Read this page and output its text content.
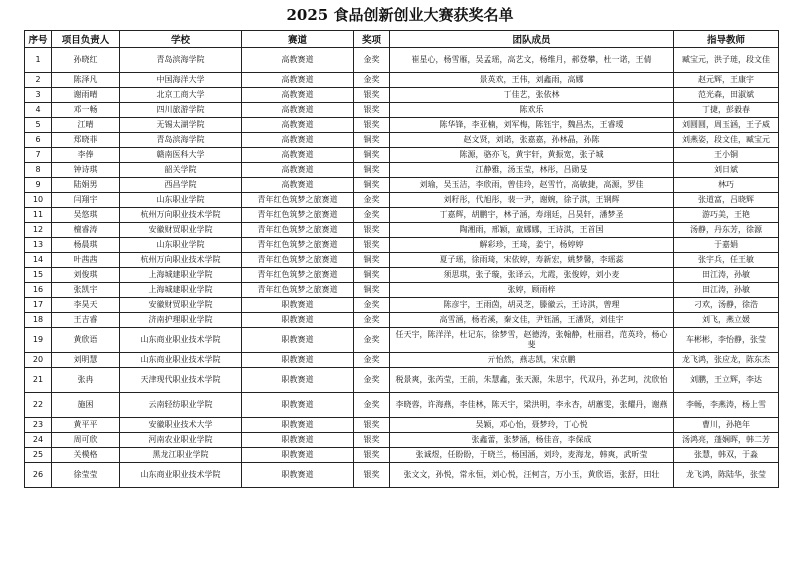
2025 食品创新创业大赛获奖名单
序号	项目负责人	学校	赛道	奖项	团队成员	指导教师
1	孙晓红	青岛滨海学院	高教赛道	金奖	崔星心，杨雪雁，吴孟瑶，高艺文，杨维月，郝登攀，杜一诺，王倩	臧宝元，洪子琏，段文佳
2	陈泽凡	中国海洋大学	高教赛道	金奖	景英欢，王伟，刘鑫雨，高娜	赵元辉，王康宇
3	谢雨晴	北京工商大学	高教赛道	银奖	丁佳艺，张依林	范光森，田淑斌
4	邓一畅	四川旅游学院	高教赛道	银奖	陈欢乐	丁捷，彭毅春
5	江晴	无锡太湖学院	高教赛道	银奖	陈华锋，李亚楠，刘军梅，陈钰宇，魏昌杰，王睿瑷	刘圆圆，周玉涵，王子威
6	郑晓菲	青岛滨海学院	高教赛道	铜奖	赵文贤，刘诺，张嘉嘉，孙林晶，孙陈	刘燕姿，段文佳，臧宝元
7	李俸	赣南医科大学	高教赛道	铜奖	陈源，骆亦飞，黄宇轩，黄振宽，张子城	王小铜
8	钟诗琪	韶关学院	高教赛道	铜奖	江静雅，汤玉莹，林彤，吕勋旻	刘日斌
9	陆娟男	西昌学院	高教赛道	铜奖	刘瑜，吴玉洁，李欣雨，曾佳玲，赵雪竹，高敏捷，高源，罗佳	林巧
10	闫翔宇	山东职业学院	青年红色筑梦之旅赛道	金奖	刘籽彤，代旭彤，裴一尹，谢婉，徐子淇，王钢辉	张道富，吕晓辉
11	吴悠琪	杭州万向职业技术学院	青年红色筑梦之旅赛道	金奖	丁嘉辉，胡鹏宇，林子涵，寿翊廷，吕昊轩，潘梦圣	游巧美，王艳
12	檀睿涛	安徽财贸职业学院	青年红色筑梦之旅赛道	银奖	陶湘雨，邢颖，童娜娜，王诗淇，王首国	汤静，丹东芳，徐源
13	杨晨琪	山东职业学院	青年红色筑梦之旅赛道	银奖	解彩珍，王琦，姜宁，杨婷婷	于嘉娟
14	叶茜茜	杭州万向职业技术学院	青年红色筑梦之旅赛道	铜奖	夏子瑶，徐雨琦，宋依婷，寿新宏，姚梦馨，李瑶蕊	张宇兵，任王敏
15	刘俊琪	上海城建职业学院	青年红色筑梦之旅赛道	铜奖	须思琪，张子璇，张译云，尤霞，张俊婷，刘小麦	田江涛，孙敏
16	张凯宇	上海城建职业学院	青年红色筑梦之旅赛道	铜奖	张婷，顾雨梓	田江涛，孙敏
17	李昊天	安徽财贸职业学院	职教赛道	金奖	陈彦宇，王雨茵，胡灵芝，滕徽云，王诗淇，曾理	刁欢，汤静，徐浩
18	王吉睿	济南护理职业学院	职教赛道	金奖	高雪涵，杨若溪，秦文佳，尹钰涵，王潘贤，刘佳宇	刘飞，燕立媛
19	黄欣语	山东商业职业技术学院	职教赛道	金奖	任天宇，陈洋洋，杜记东，徐梦雪，赵德涛，张翰静，杜丽君，范英玲，杨心斐	车彬彬，李怡静，张莹
20	刘明慧	山东商业职业技术学院	职教赛道	金奖	亓怡然，燕志凯，宋京鹏	龙飞鸿，张应龙，陈东杰
21	张冉	天津现代职业技术学院	职教赛道	金奖	税景爽，张芮莹，王前，朱慧鑫，张天源，朱思宇，代双丹，孙艺珂，沈欣怡	刘鹏，王立辉，李达
22	施困	云南轻纺职业学院	职教赛道	金奖	李晓蓉，许海燕，李佳林，陈天宇，梁洪明，李永杏，胡蕙雯，张耀丹，谢燕	李畅，李燕涛，杨上雪
23	黄平平	安徽职业技术大学	职教赛道	银奖	吴颖，邓心怡，聂梦玲，丁心悦	曹川，孙艳年
24	周可欣	河南农业职业学院	职教赛道	银奖	张鑫蕾，张梦涵，杨佳音，李保成	汤鸿亮，蓬娴晖，韩二芳
25	关模格	黑龙江职业学院	职教赛道	银奖	张诚煜，任盼盼，于晓兰，杨国涵，刘玲，麦海龙，韩爽，武昕莹	张慧，韩双，于淼
26	徐莹莹	山东商业职业技术学院	职教赛道	银奖	张文文，孙悦，常永恒，刘心悦，汪柯言，万小玉，黄欣语，张舒，田壮	龙飞鸿，陈陆华，张莹
